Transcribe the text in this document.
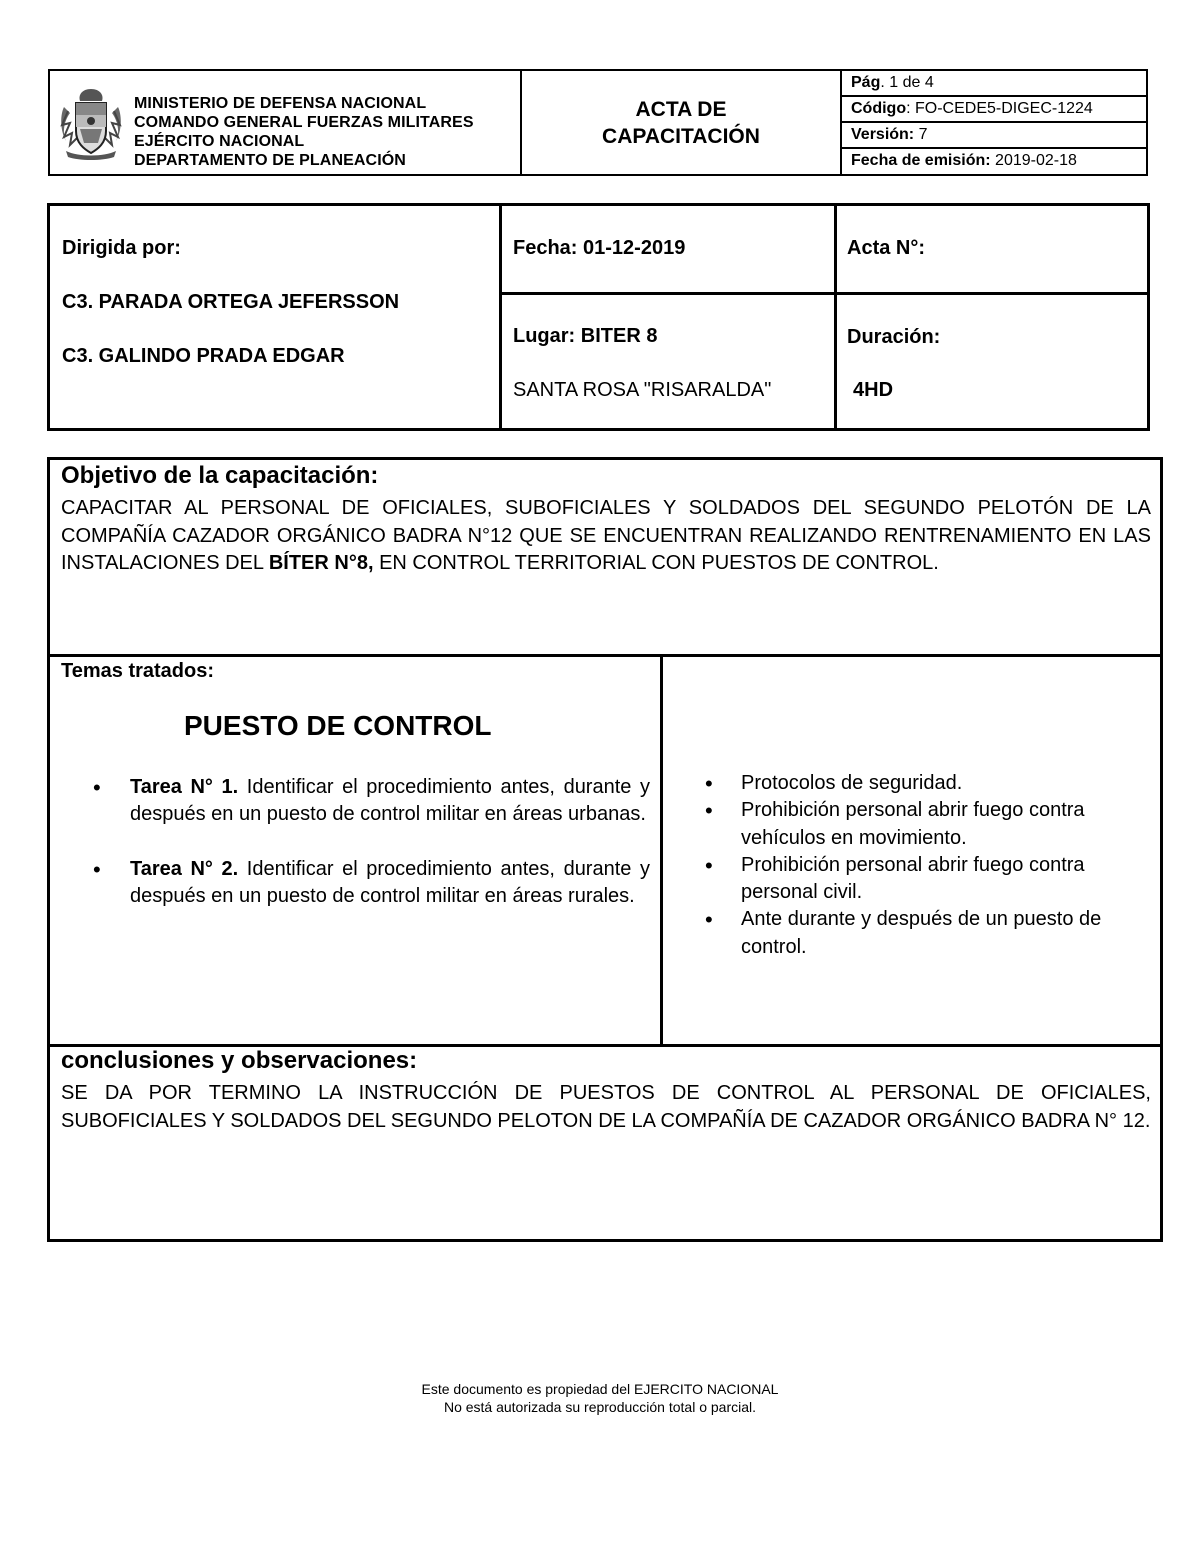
MINISTERIO DE DEFENSA NACIONAL
COMANDO GENERAL FUERZAS MILITARES
EJÉRCITO NACIONAL
DEPARTAMENTO DE PLANEACIÓN
ACTA DE
CAPACITACIÓN
Pág. 1 de 4
Código: FO-CEDE5-DIGEC-1224
Versión: 7
Fecha de emisión: 2019-02-18
Dirigida por:
C3. PARADA ORTEGA JEFERSSON
C3. GALINDO PRADA EDGAR
Fecha: 01-12-2019
Lugar: BITER 8
SANTA ROSA "RISARALDA"
Acta N°:
Duración:
4HD
Objetivo de la capacitación:
CAPACITAR AL PERSONAL DE OFICIALES, SUBOFICIALES Y SOLDADOS DEL SEGUNDO PELOTÓN DE LA COMPAÑÍA CAZADOR ORGÁNICO BADRA N°12 QUE SE ENCUENTRAN REALIZANDO RENTRENAMIENTO EN LAS INSTALACIONES DEL BÍTER N°8, EN CONTROL TERRITORIAL CON PUESTOS DE CONTROL.
Temas tratados:
PUESTO DE CONTROL
• Tarea N° 1. Identificar el procedimiento antes, durante y después en un puesto de control militar en áreas urbanas.
• Tarea N° 2. Identificar el procedimiento antes, durante y después en un puesto de control militar en áreas rurales.
• Protocolos de seguridad.
• Prohibición personal abrir fuego contra vehículos en movimiento.
• Prohibición personal abrir fuego contra personal civil.
• Ante durante y después de un puesto de control.
conclusiones y observaciones:
SE DA POR TERMINO LA INSTRUCCIÓN DE PUESTOS DE CONTROL AL PERSONAL DE OFICIALES, SUBOFICIALES Y SOLDADOS DEL SEGUNDO PELOTON DE LA COMPAÑÍA DE CAZADOR ORGÁNICO BADRA N° 12.
Este documento es propiedad del EJERCITO NACIONAL
No está autorizada su reproducción total o parcial.
